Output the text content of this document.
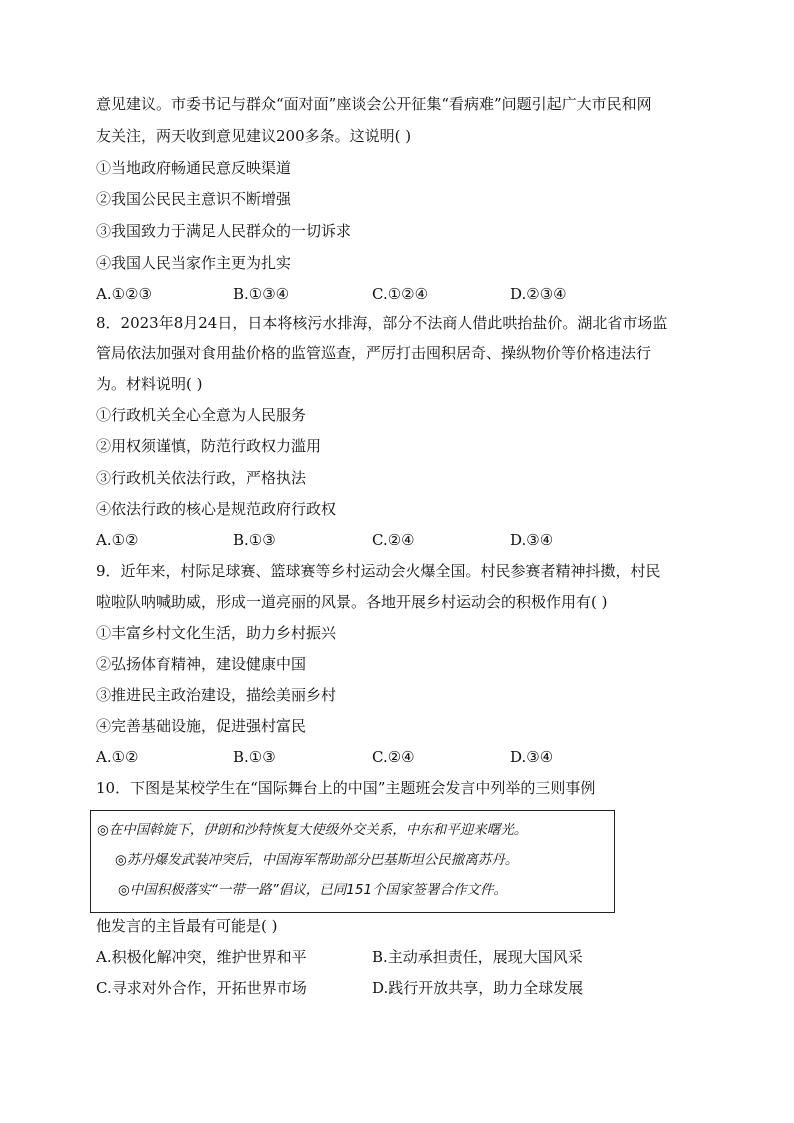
意见建议。市委书记与群众“面对面”座谈会公开征集“看病难”问题引起广大市民和网
友关注，两天收到意见建议200多条。这说明( )
①当地政府畅通民意反映渠道
②我国公民民主意识不断增强
③我国致力于满足人民群众的一切诉求
④我国人民当家作主更为扎实
A.①②③	B.①③④	C.①②④	D.②③④
8．2023年8月24日，日本将核污水排海，部分不法商人借此哄抬盐价。湖北省市场监
管局依法加强对食用盐价格的监管巡查，严厉打击囤积居奇、操纵物价等价格违法行
为。材料说明( )
①行政机关全心全意为人民服务
②用权须谨慎，防范行政权力滥用
③行政机关依法行政，严格执法
④依法行政的核心是规范政府行政权
A.①②	B.①③	C.②④	D.③④
9．近年来，村际足球赛、篮球赛等乡村运动会火爆全国。村民参赛者精神抖擞，村民
啦啦队呐喊助威，形成一道亮丽的风景。各地开展乡村运动会的积极作用有( )
①丰富乡村文化生活，助力乡村振兴
②弘扬体育精神，建设健康中国
③推进民主政治建设，描绘美丽乡村
④完善基础设施，促进强村富民
A.①②	B.①③	C.②④	D.③④
10．下图是某校学生在“国际舞台上的中国”主题班会发言中列举的三则事例
◎在中国斡旋下，伊朗和沙特恢复大使级外交关系，中东和平迎来曙光。
◎苏丹爆发武装冲突后，中国海军帮助部分巴基斯坦公民撤离苏丹。
◎中国积极落实“一带一路”倡议，已同151个国家签署合作文件。
他发言的主旨最有可能是( )
A.积极化解冲突，维护世界和平	B.主动承担责任，展现大国风采
C.寻求对外合作，开拓世界市场	D.践行开放共享，助力全球发展
